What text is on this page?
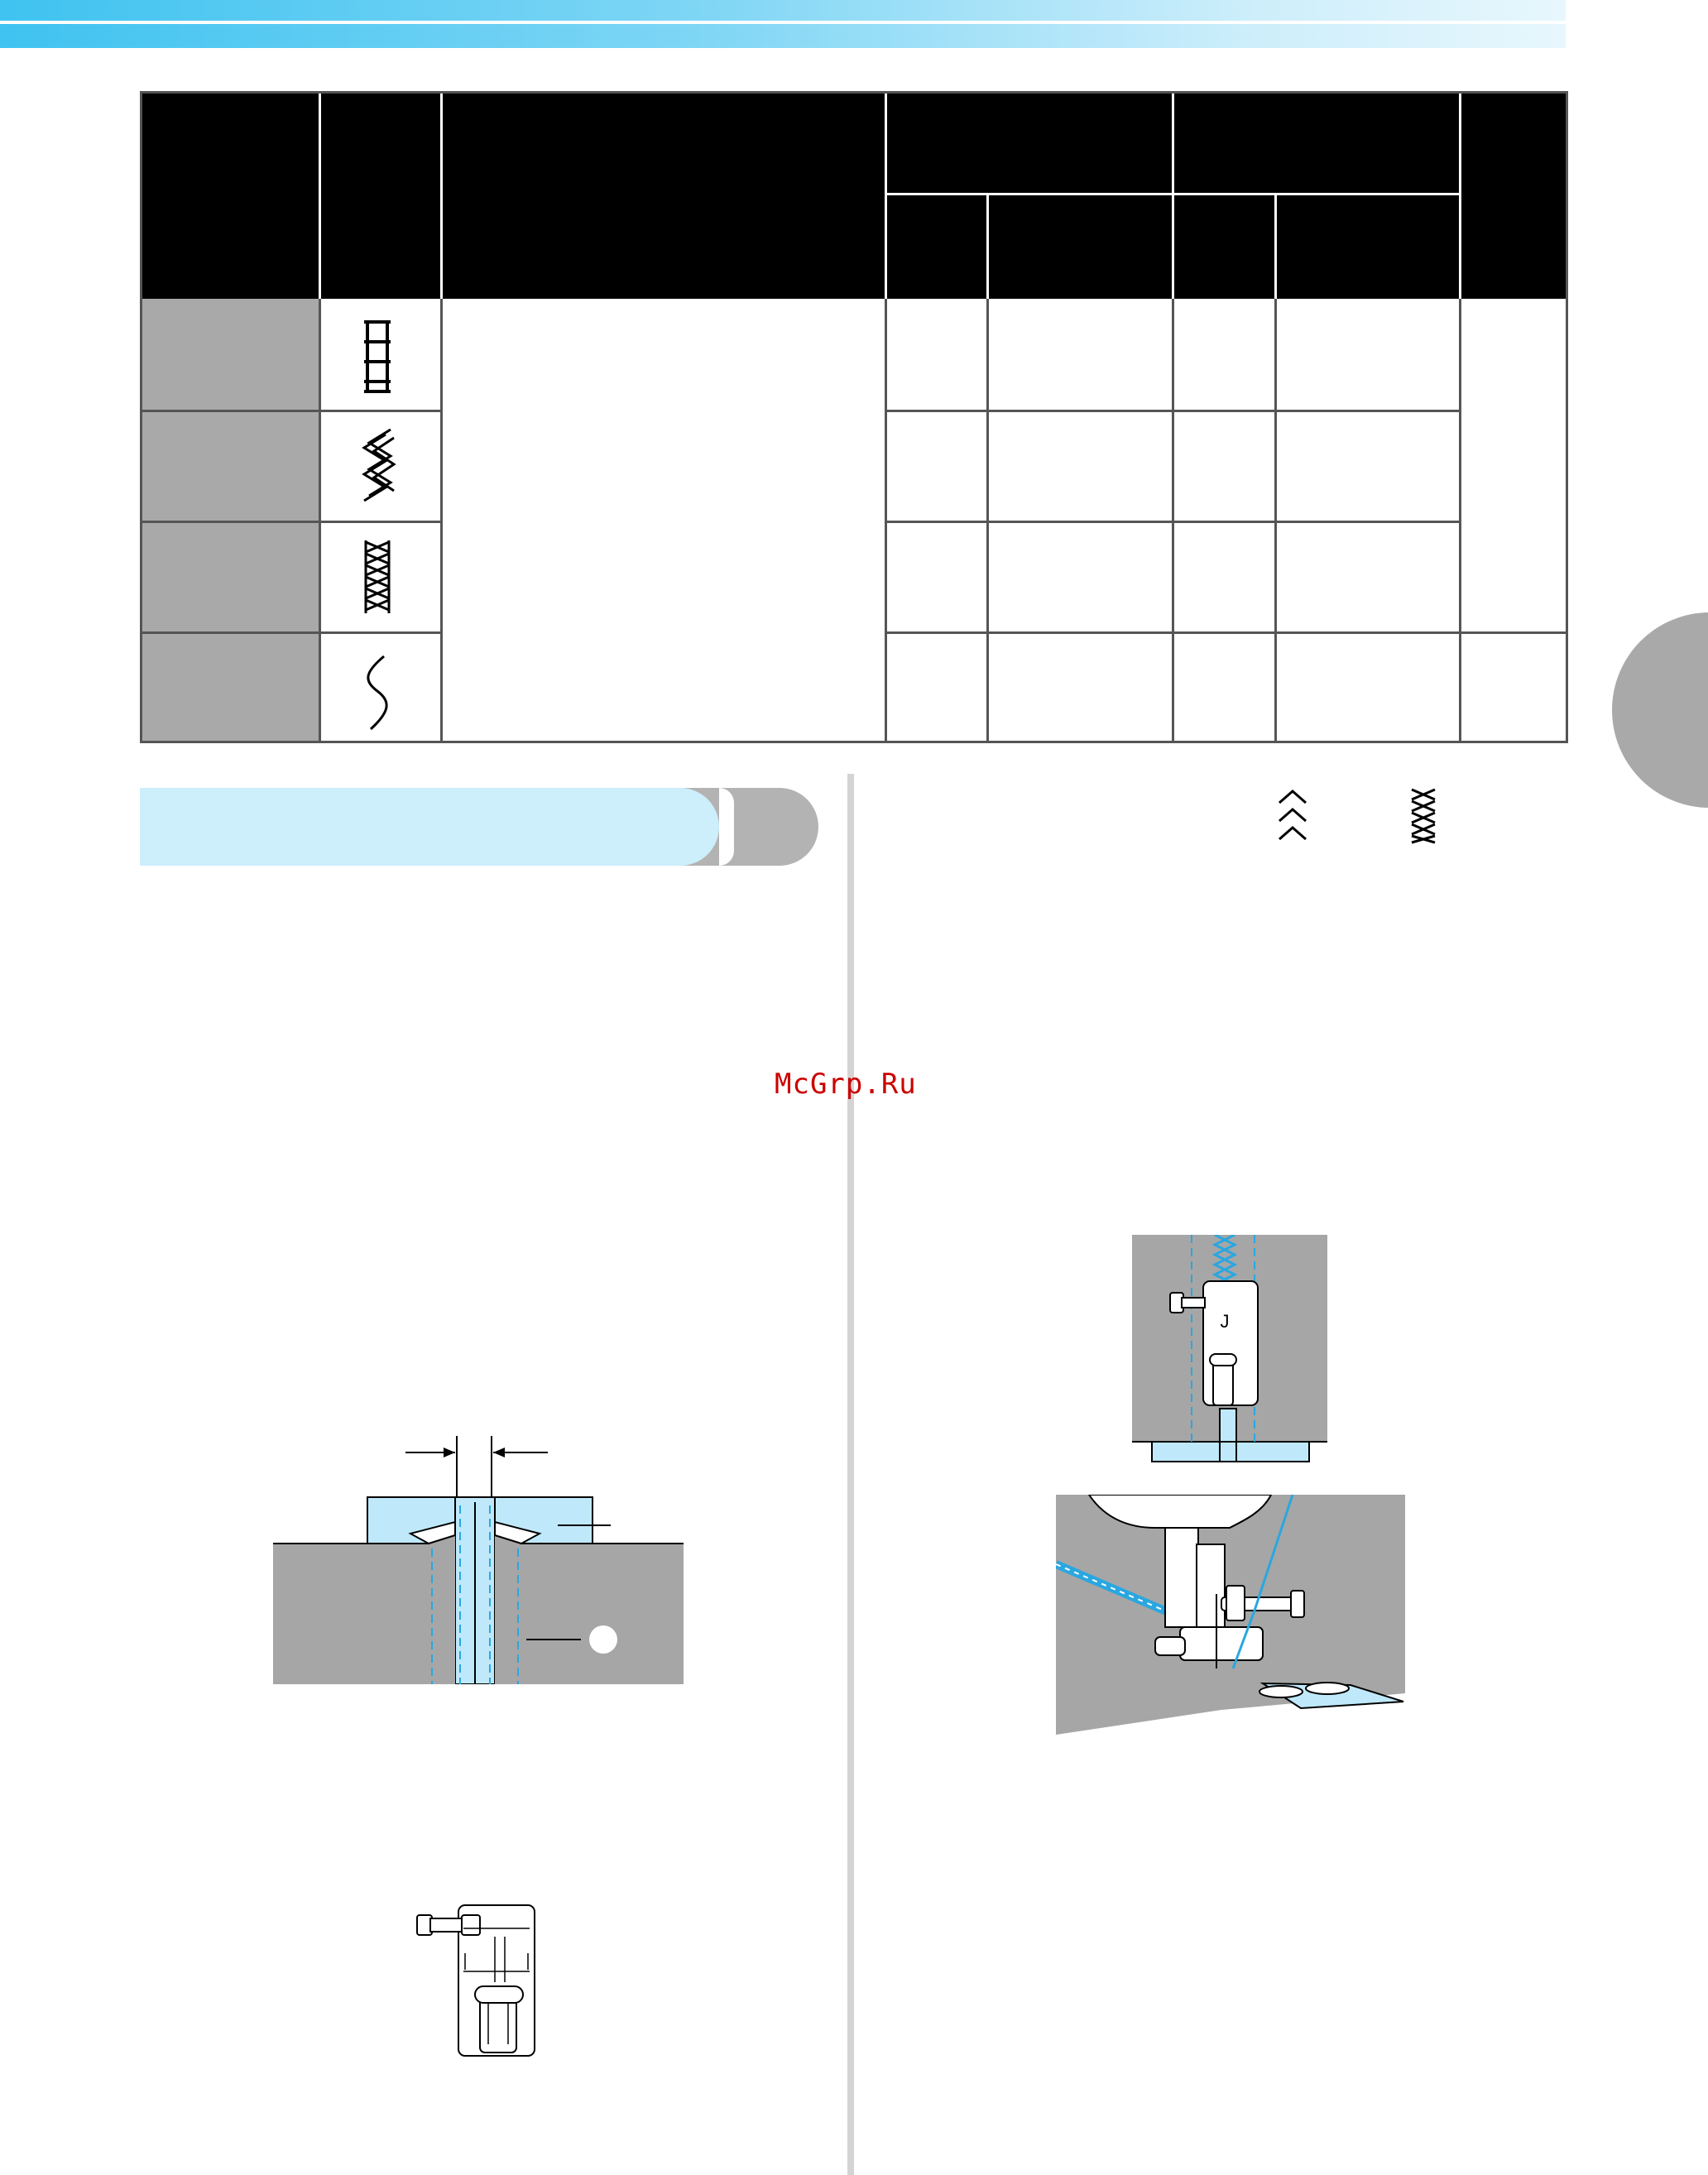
McGrp.Ru
J
